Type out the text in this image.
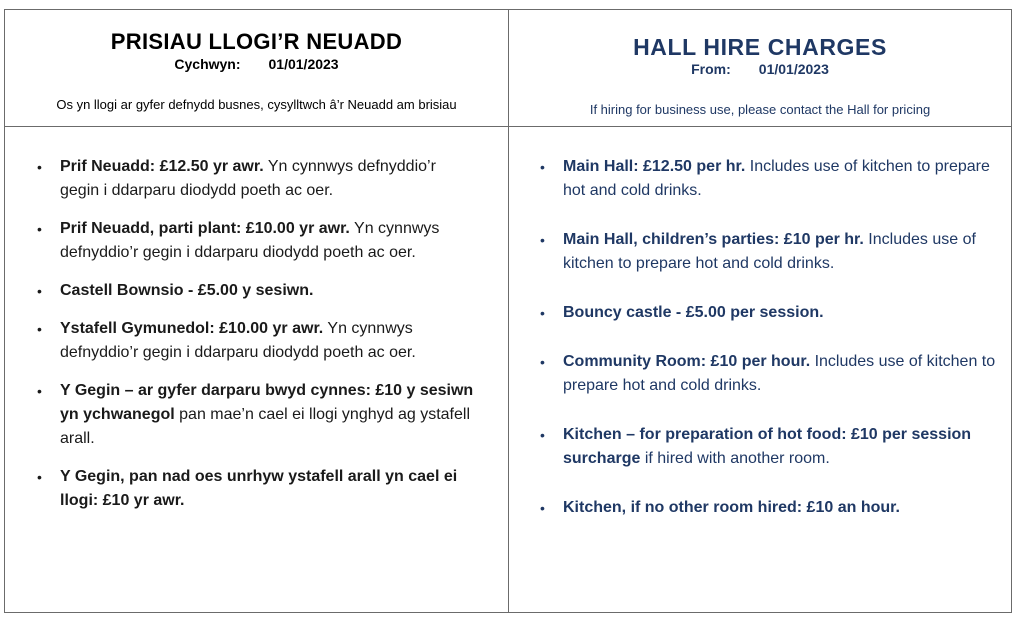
PRISIAU LLOGI’R NEUADD
Cychwyn: 01/01/2023
Os yn llogi ar gyfer defnydd busnes, cysylltwch â’r Neuadd am brisiau
HALL HIRE CHARGES
From: 01/01/2023
If hiring for business use, please contact the Hall for pricing
• Prif Neuadd: £12.50 yr awr. Yn cynnwys defnyddio’r gegin i ddarparu diodydd poeth ac oer.
• Prif Neuadd, parti plant: £10.00 yr awr. Yn cynnwys defnyddio’r gegin i ddarparu diodydd poeth ac oer.
• Castell Bownsio - £5.00 y sesiwn.
• Ystafell Gymunedol: £10.00 yr awr. Yn cynnwys defnyddio’r gegin i ddarparu diodydd poeth ac oer.
• Y Gegin – ar gyfer darparu bwyd cynnes: £10 y sesiwn yn ychwanegol pan mae’n cael ei llogi ynghyd ag ystafell arall.
• Y Gegin, pan nad oes unrhyw ystafell arall yn cael ei llogi: £10 yr awr.
• Main Hall: £12.50 per hr. Includes use of kitchen to prepare hot and cold drinks.
• Main Hall, children’s parties: £10 per hr. Includes use of kitchen to prepare hot and cold drinks.
• Bouncy castle - £5.00 per session.
• Community Room: £10 per hour. Includes use of kitchen to prepare hot and cold drinks.
• Kitchen – for preparation of hot food: £10 per session surcharge if hired with another room.
• Kitchen, if no other room hired: £10 an hour.
